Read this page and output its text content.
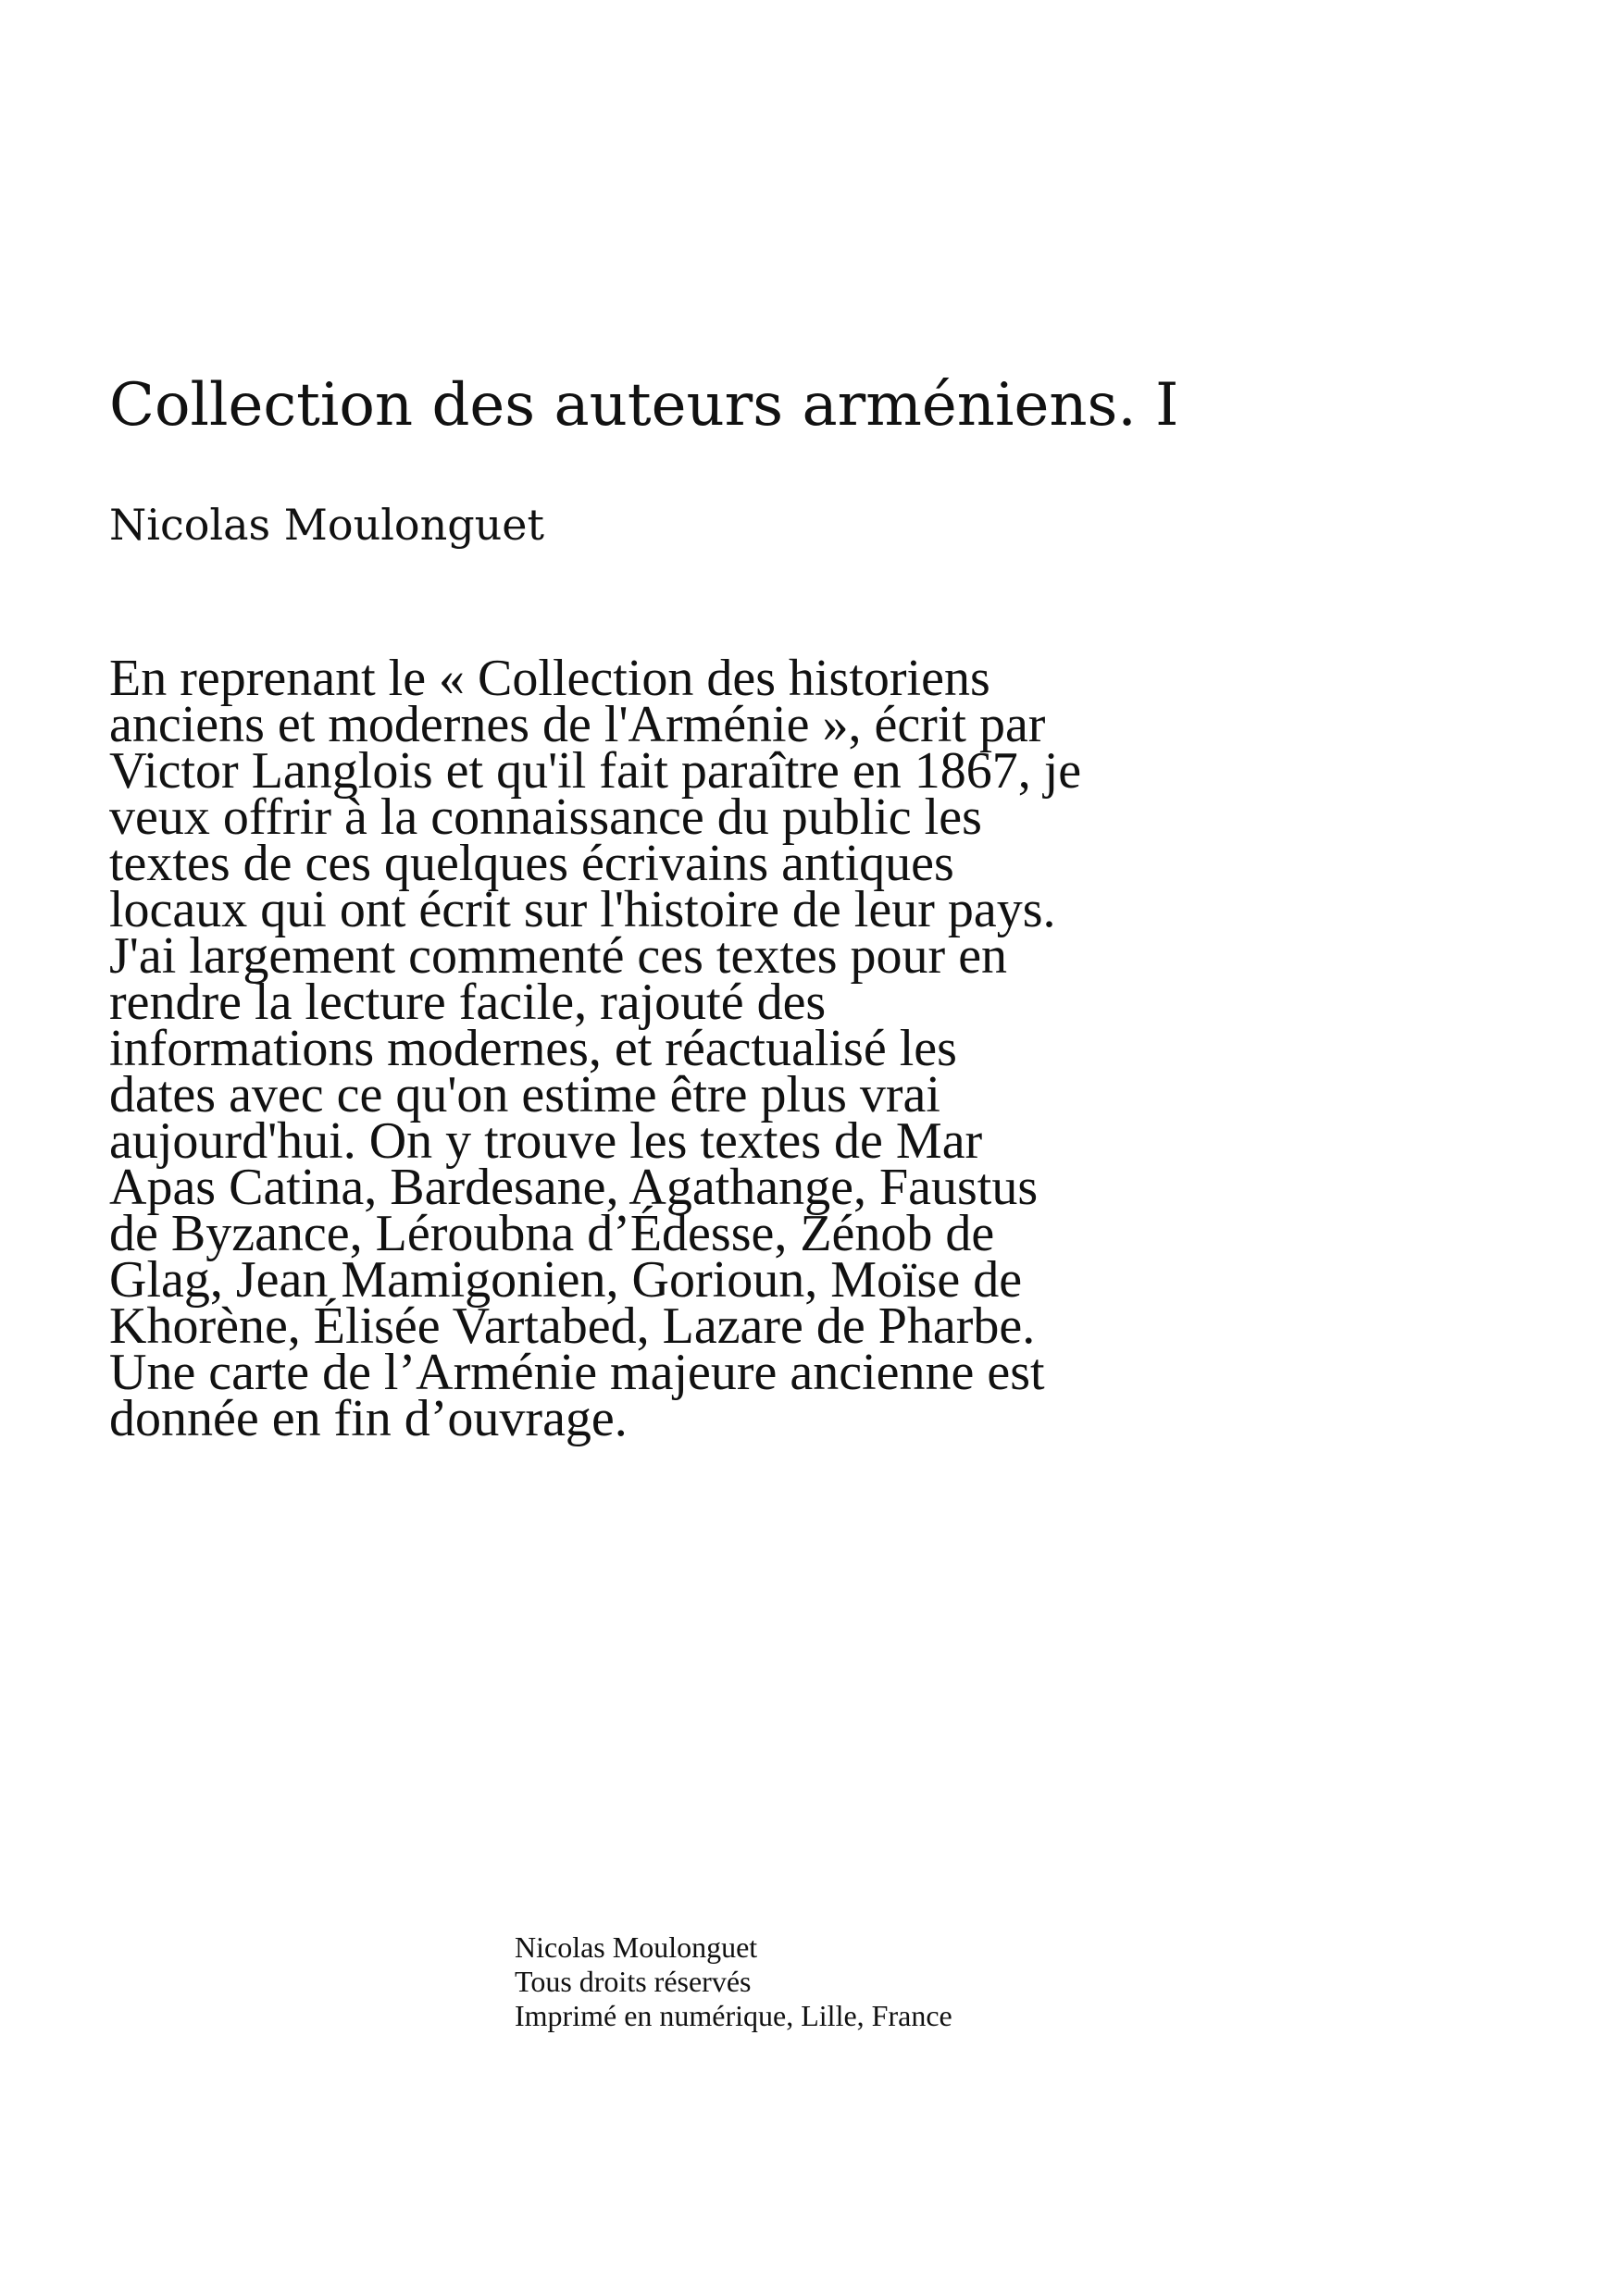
Collection des auteurs arméniens. I

Nicolas Moulonguet

En reprenant le « Collection des historiens
anciens et modernes de l'Arménie », écrit par
Victor Langlois et qu'il fait paraître en 1867, je
veux offrir à la connaissance du public les
textes de ces quelques écrivains antiques
locaux qui ont écrit sur l'histoire de leur pays.
J'ai largement commenté ces textes pour en
rendre la lecture facile, rajouté des
informations modernes, et réactualisé les
dates avec ce qu'on estime être plus vrai
aujourd'hui. On y trouve les textes de Mar
Apas Catina, Bardesane, Agathange, Faustus
de Byzance, Léroubna d’Édesse, Zénob de
Glag, Jean Mamigonien, Gorioun, Moïse de
Khorène, Élisée Vartabed, Lazare de Pharbe.
Une carte de l’Arménie majeure ancienne est
donnée en fin d’ouvrage.

Nicolas Moulonguet
Tous droits réservés
Imprimé en numérique, Lille, France
